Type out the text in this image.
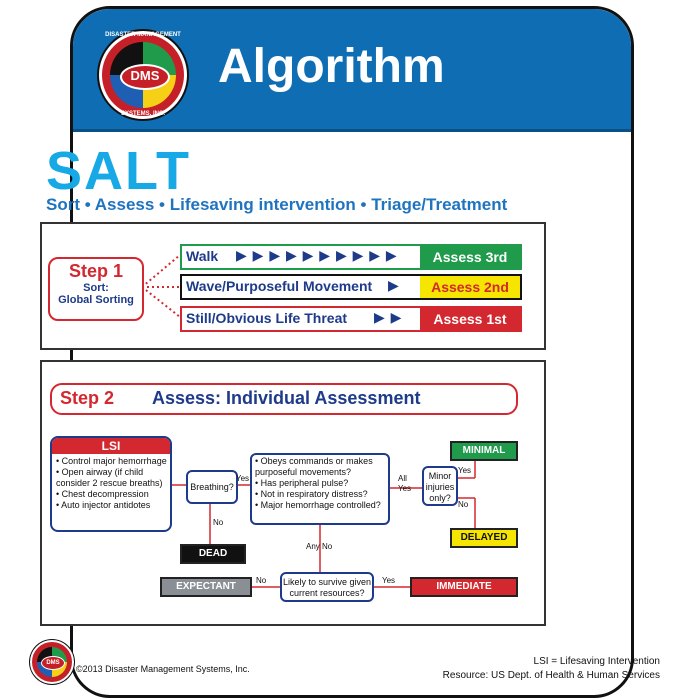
DISASTER MANAGEMENT
DMS
SYSTEMS, INC.
Algorithm
SALT
Sort • Assess • Lifesaving intervention • Triage/Treatment
Step 1
Sort:
Global Sorting
Walk ▶ ▶ ▶ ▶ ▶ ▶ ▶ ▶ ▶ ▶	Assess 3rd
Wave/Purposeful Movement ▶	Assess 2nd
Still/Obvious Life Threat ▶ ▶	Assess 1st
Step 2 Assess: Individual Assessment
LSI
• Control major hemorrhage
• Open airway (if child
consider 2 rescue breaths)
• Chest decompression
• Auto injector antidotes
Breathing?
• Obeys commands or makes
purposeful movements?
• Has peripheral pulse?
• Not in respiratory distress?
• Major hemorrhage controlled?
Minor
injuries
only?
Likely to survive given
current resources?
MINIMAL
DELAYED
DEAD
EXPECTANT	IMMEDIATE
Yes
No
All
Yes
Any No
Yes
No
No	Yes
DMS
©2013 Disaster Management Systems, Inc.
LSI = Lifesaving Intervention
Resource: US Dept. of Health & Human Services
